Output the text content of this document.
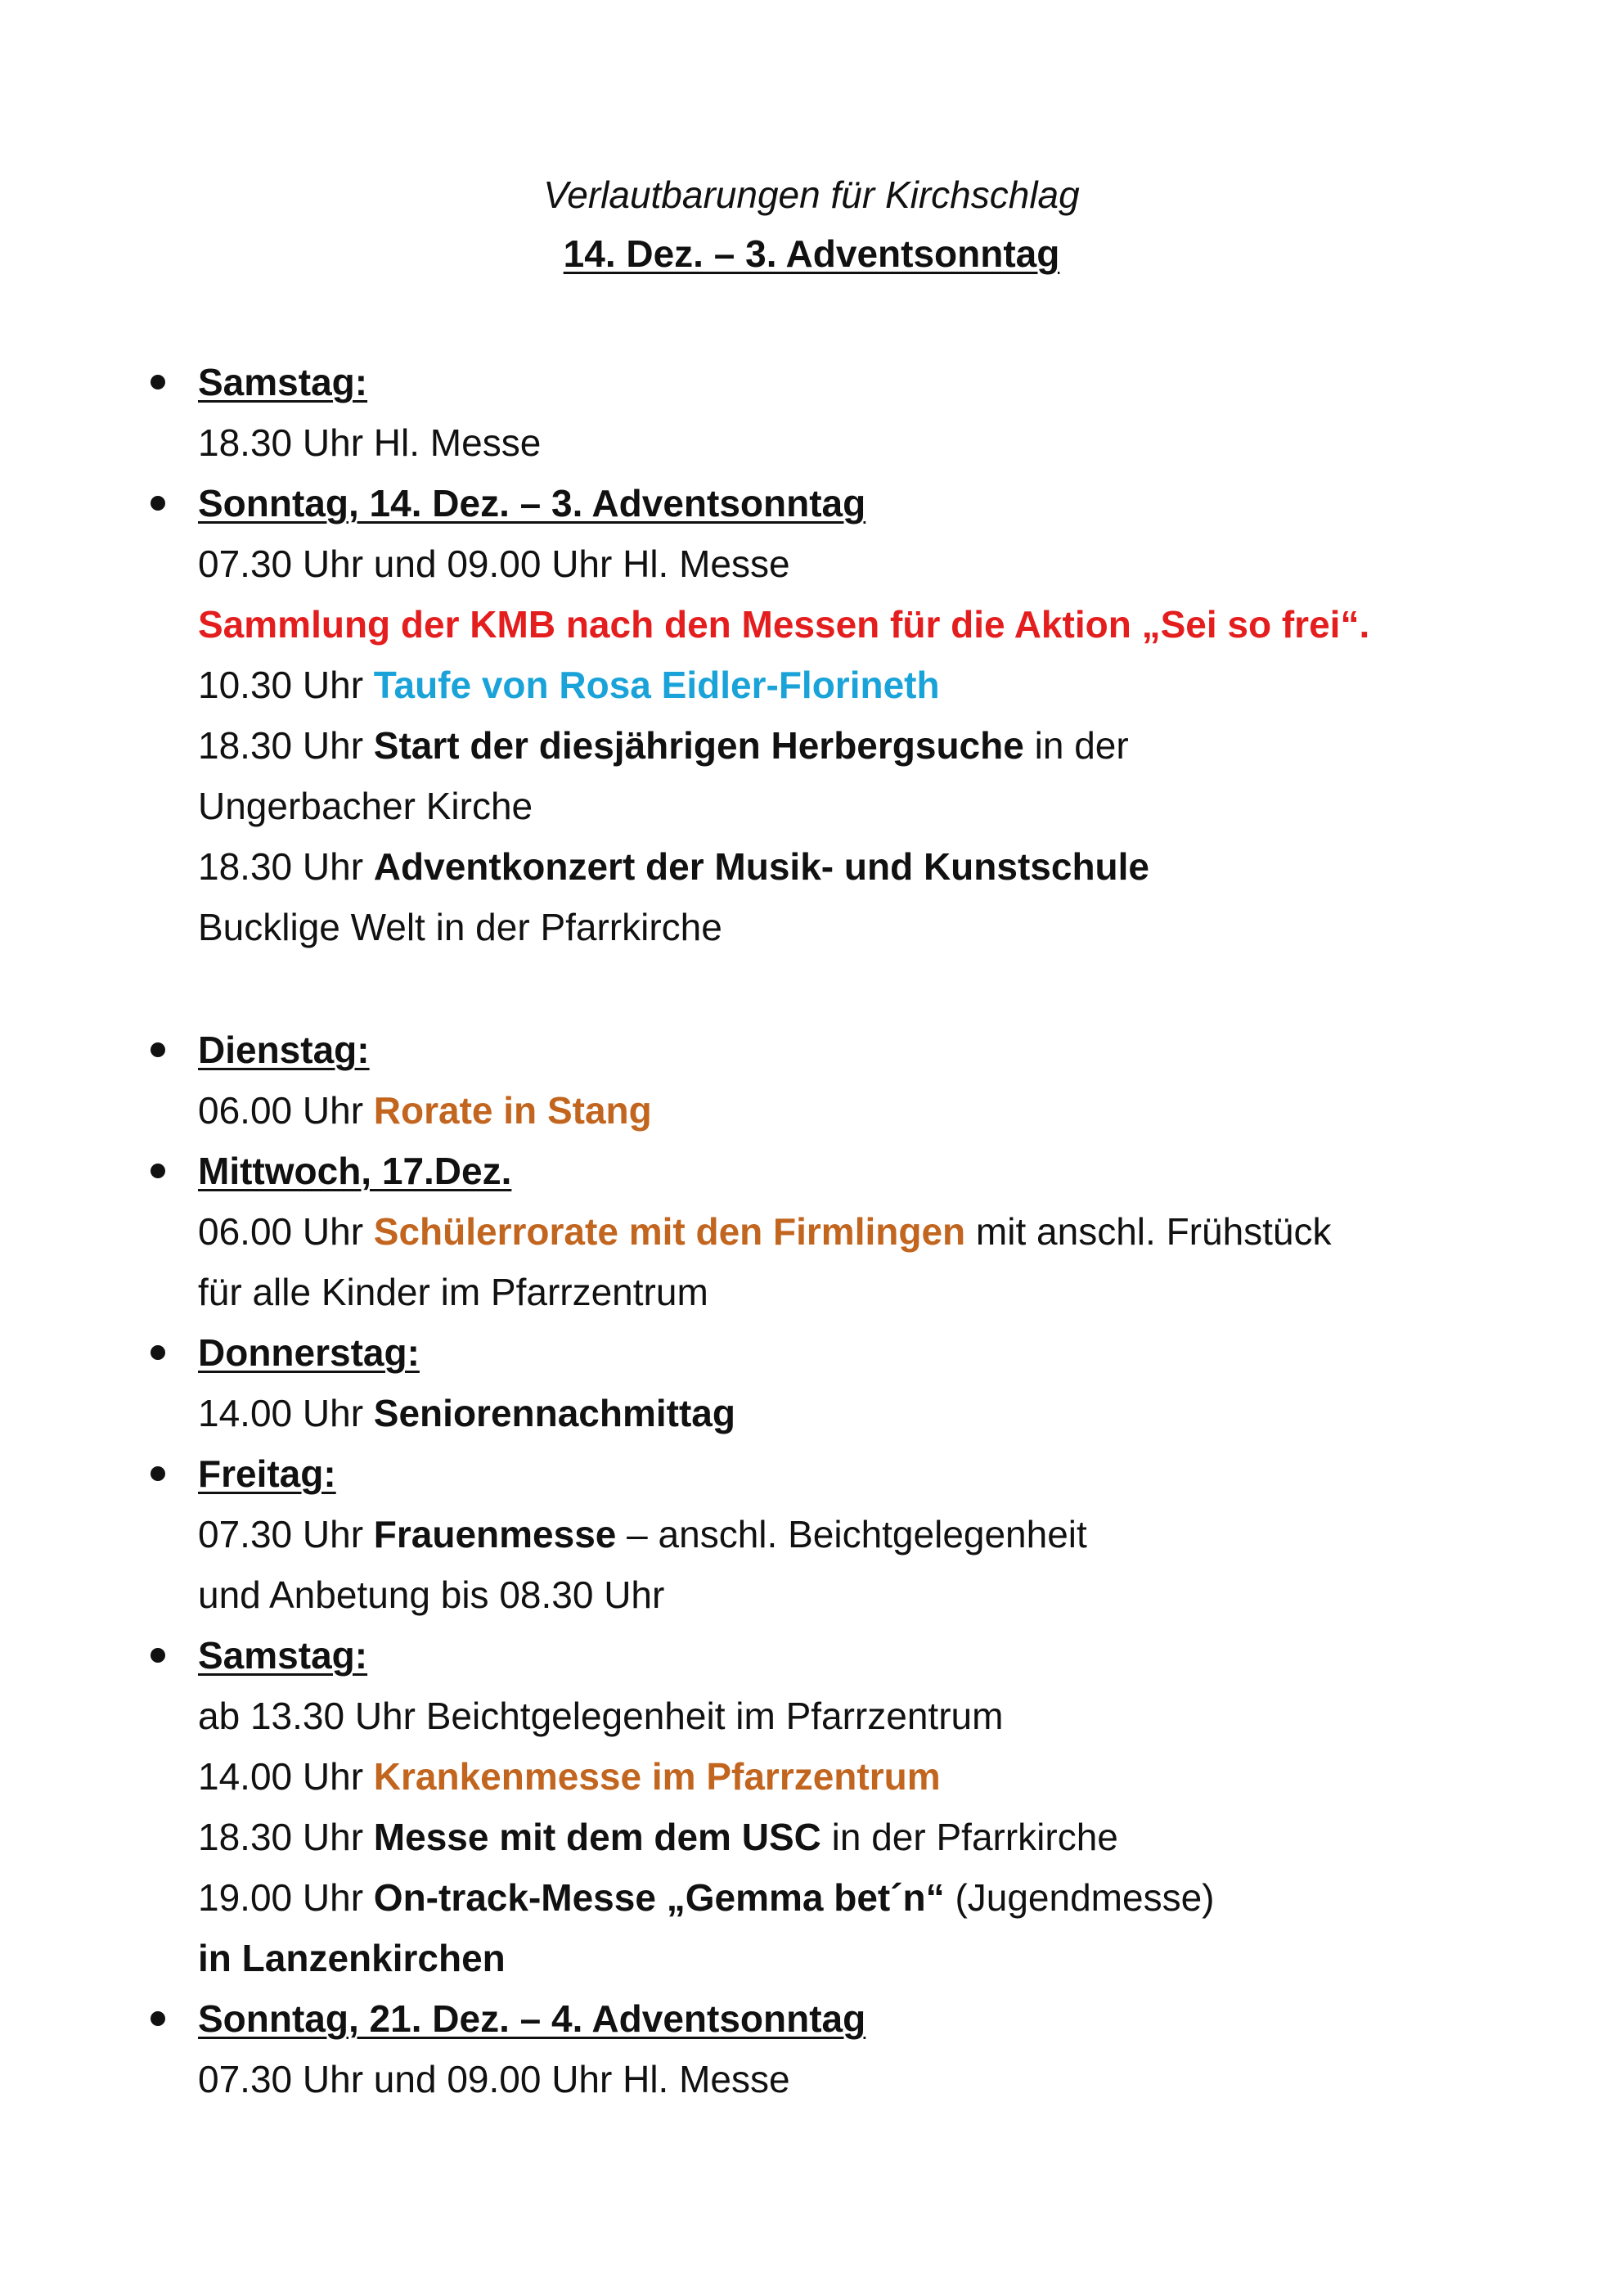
Verlautbarungen für Kirchschlag
14. Dez. – 3. Adventsonntag
Samstag:
18.30 Uhr Hl. Messe
Sonntag, 14. Dez. – 3. Adventsonntag
07.30 Uhr und 09.00 Uhr Hl. Messe
Sammlung der KMB nach den Messen für die Aktion „Sei so frei“.
10.30 Uhr Taufe von Rosa Eidler-Florineth
18.30 Uhr Start der diesjährigen Herbergsuche in der
Ungerbacher Kirche
18.30 Uhr Adventkonzert der Musik- und Kunstschule
Bucklige Welt in der Pfarrkirche
Dienstag:
06.00 Uhr Rorate in Stang
Mittwoch, 17.Dez.
06.00 Uhr Schülerrorate mit den Firmlingen mit anschl. Frühstück
für alle Kinder im Pfarrzentrum
Donnerstag:
14.00 Uhr Seniorennachmittag
Freitag:
07.30 Uhr Frauenmesse – anschl. Beichtgelegenheit
und Anbetung bis 08.30 Uhr
Samstag:
ab 13.30 Uhr Beichtgelegenheit im Pfarrzentrum
14.00 Uhr Krankenmesse im Pfarrzentrum
18.30 Uhr Messe mit dem dem USC in der Pfarrkirche
19.00 Uhr On-track-Messe „Gemma bet´n“ (Jugendmesse)
in Lanzenkirchen
Sonntag, 21. Dez. – 4. Adventsonntag
07.30 Uhr und 09.00 Uhr Hl. Messe
